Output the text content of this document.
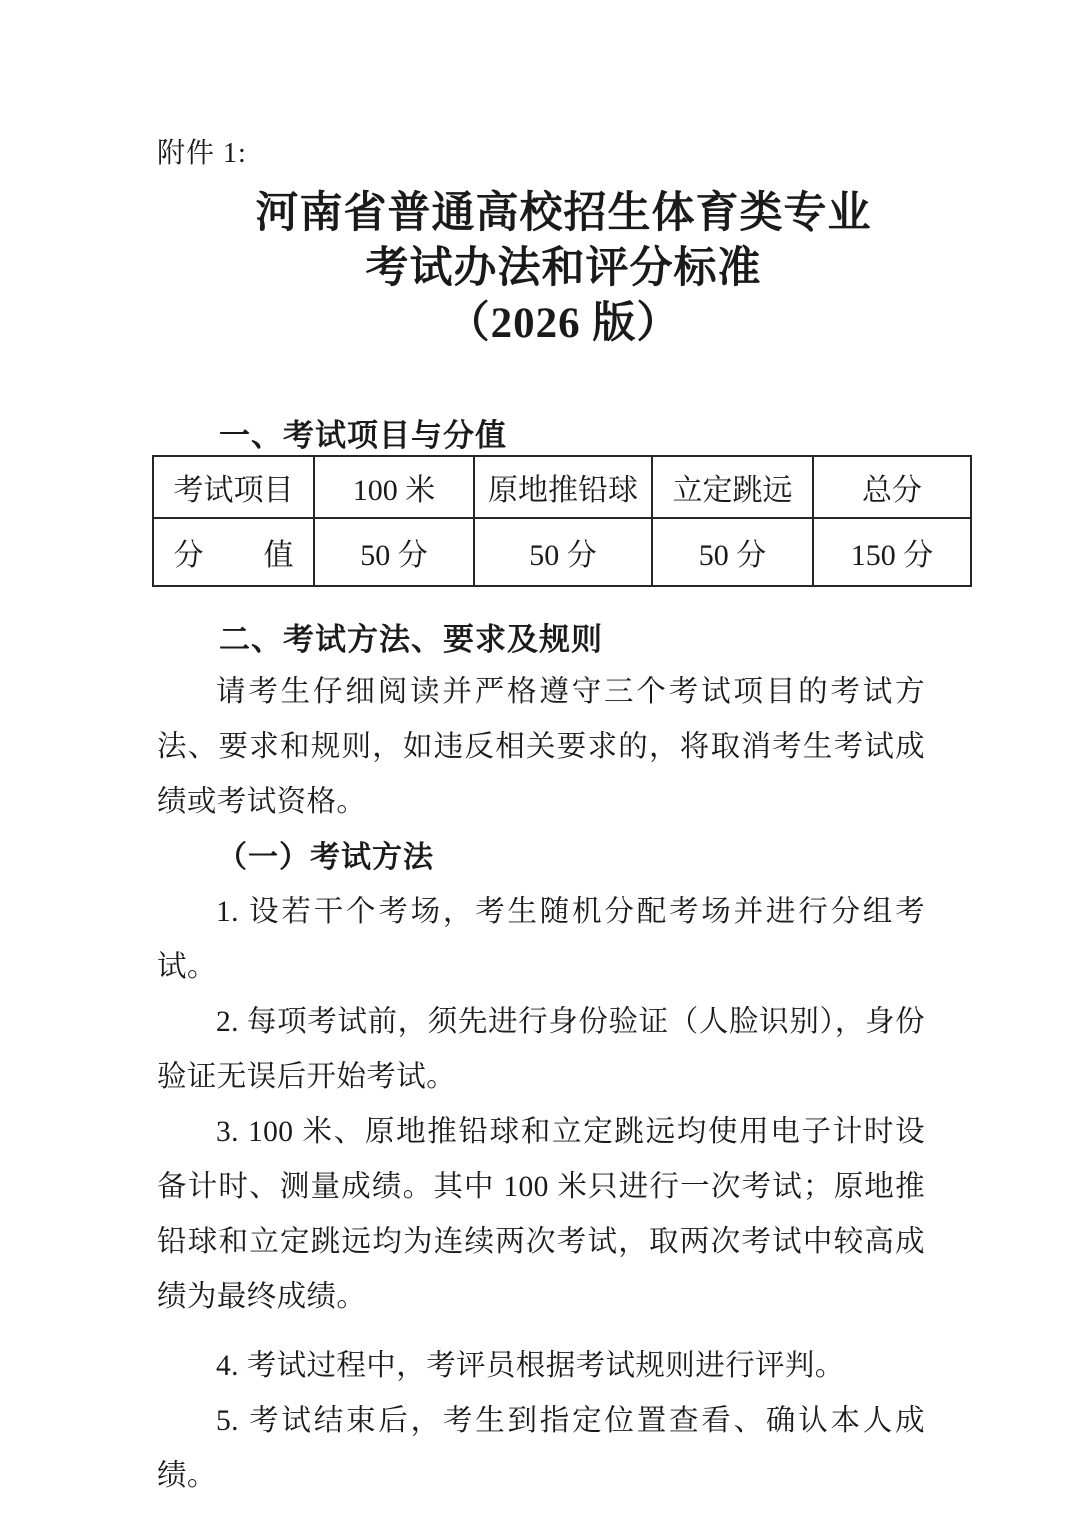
附件 1:
河南省普通高校招生体育类专业
考试办法和评分标准
（2026 版）
一、考试项目与分值
考试项目	100 米	原地推铅球	立定跳远	总分
分　　值	50 分	50 分	50 分	150 分
二、考试方法、要求及规则

请考生仔细阅读并严格遵守三个考试项目的考试方法、要求和规则，如违反相关要求的，将取消考生考试成绩或考试资格。

（一）考试方法

1. 设若干个考场，考生随机分配考场并进行分组考试。

2. 每项考试前，须先进行身份验证（人脸识别），身份验证无误后开始考试。

3. 100 米、原地推铅球和立定跳远均使用电子计时设备计时、测量成绩。其中 100 米只进行一次考试；原地推铅球和立定跳远均为连续两次考试，取两次考试中较高成绩为最终成绩。

4. 考试过程中，考评员根据考试规则进行评判。

5. 考试结束后，考生到指定位置查看、确认本人成绩。
